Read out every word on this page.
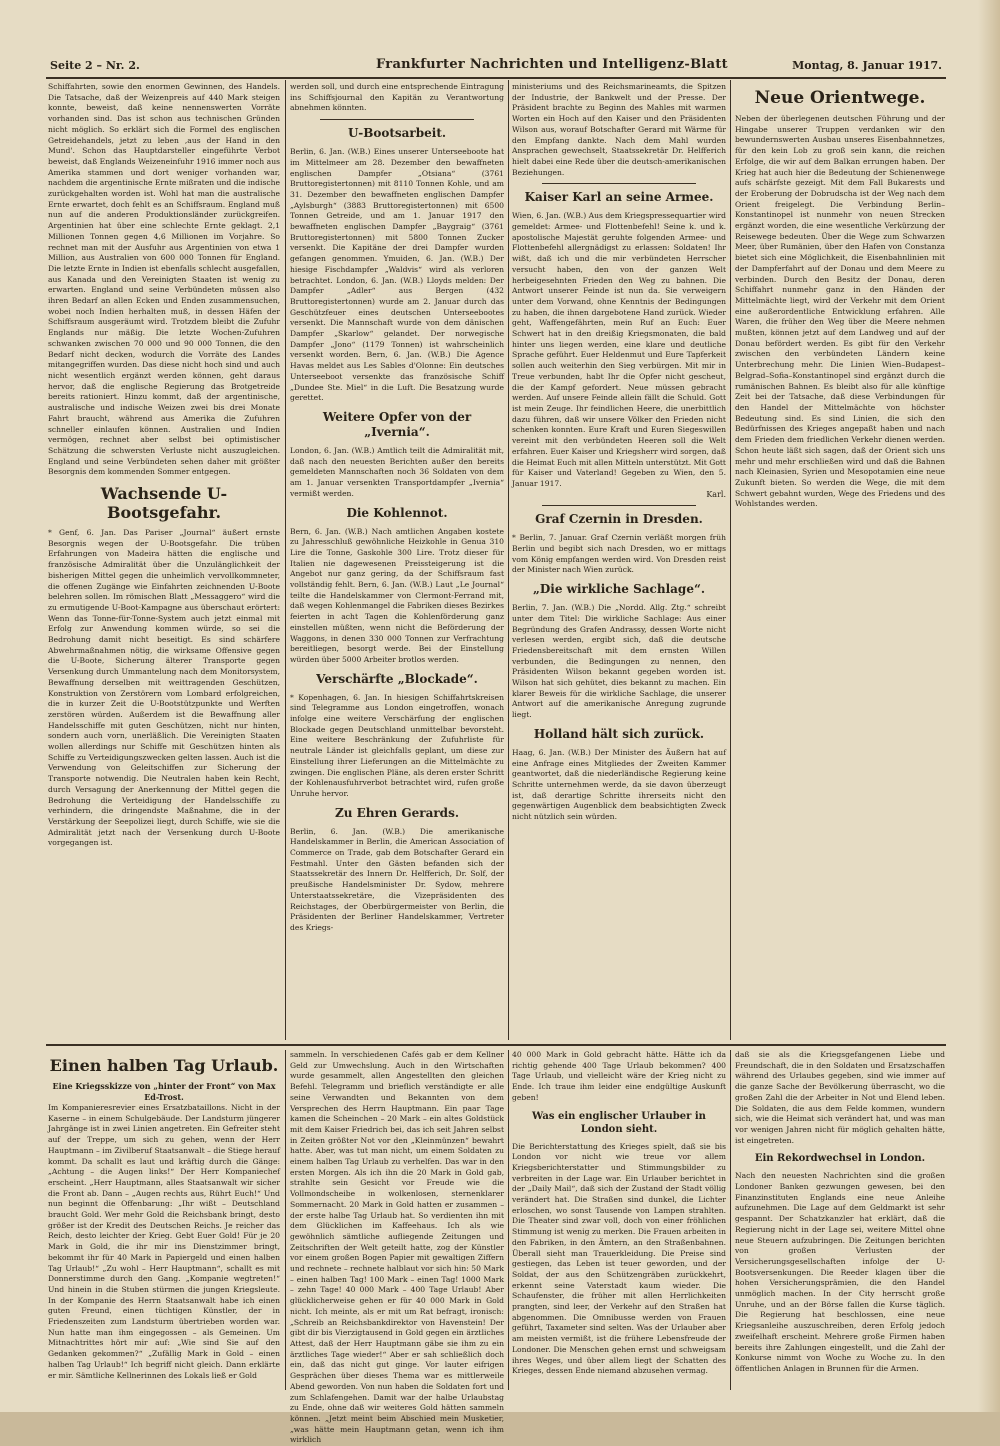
Seite 2 – Nr. 2.	Frankfurter Nachrichten und Intelligenz-Blatt	Montag, 8. Januar 1917.
Schiffahrten, sowie den enormen Gewinnen, des Handels. Die Tatsache, daß der Weizenpreis auf 440 Mark steigen konnte, beweist, daß keine nennenswerten Vorräte vorhanden sind. Das ist schon aus technischen Gründen nicht möglich. So erklärt sich die Formel des englischen Getreidehandels, jetzt zu leben ,aus der Hand in den Mund'. Schon das Hauptdarsteller eingeführte Verbot beweist, daß Englands Weizeneinfuhr 1916 immer noch aus Amerika stammen und dort weniger vorhanden war, nachdem die argentinische Ernte mißraten und die indische zurückgehalten worden ist. Wohl hat man die australische Ernte erwartet, doch fehlt es an Schiffsraum. England muß nun auf die anderen Produktionsländer zurückgreifen. Argentinien hat über eine schlechte Ernte geklagt. 2,1 Millionen Tonnen gegen 4,6 Millionen im Vorjahre. So rechnet man mit der Ausfuhr aus Argentinien von etwa 1 Million, aus Australien von 600 000 Tonnen für England. Die letzte Ernte in Indien ist ebenfalls schlecht ausgefallen, aus Kanada und den Vereinigten Staaten ist wenig zu erwarten. England und seine Verbündeten müssen also ihren Bedarf an allen Ecken und Enden zusammensuchen, wobei noch Indien herhalten muß, in dessen Häfen der Schiffsraum ausgeräumt wird. Trotzdem bleibt die Zufuhr Englands nur mäßig. Die letzte Wochen-Zufuhren schwanken zwischen 70 000 und 90 000 Tonnen, die den Bedarf nicht decken, wodurch die Vorräte des Landes mitangegriffen wurden. Das diese nicht hoch sind und auch nicht wesentlich ergänzt werden können, geht daraus hervor, daß die englische Regierung das Brotgetreide bereits rationiert. Hinzu kommt, daß der argentinische, australische und indische Weizen zwei bis drei Monate Fahrt braucht, während aus Amerika die Zufuhren schneller einlaufen können. Australien und Indien vermögen, rechnet aber selbst bei optimistischer Schätzung die schwersten Verluste nicht auszugleichen. England und seine Verbündeten sehen daher mit größter Besorgnis dem kommenden Sommer entgegen.
Wachsende U-Bootsgefahr.
* Genf, 6. Jan. Das Pariser „Journal“ äußert ernste Besorgnis wegen der U-Bootsgefahr. Die trüben Erfahrungen von Madeira hätten die englische und französische Admiralität über die Unzulänglichkeit der bisherigen Mittel gegen die unheimlich vervollkommneter, die offenen Zugänge wie Einfahrten zeichnenden U-Boote belehren sollen. Im römischen Blatt „Messaggero“ wird die zu ermutigende U-Boot-Kampagne aus überschaut erörtert: Wenn das Tonne-für-Tonne-System auch jetzt einmal mit Erfolg zur Anwendung kommen würde, so sei die Bedrohung damit nicht beseitigt. Es sind schärfere Abwehrmaßnahmen nötig, die wirksame Offensive gegen die U-Boote, Sicherung älterer Transporte gegen Versenkung durch Ummantelung nach dem Monitorsystem, Bewaffnung derselben mit weittragenden Geschützen, Konstruktion von Zerstörern vom Lombard erfolgreichen, die in kurzer Zeit die U-Bootstützpunkte und Werften zerstören würden. Außerdem ist die Bewaffnung aller Handelsschiffe mit guten Geschützen, nicht nur hinten, sondern auch vorn, unerläßlich. Die Vereinigten Staaten wollen allerdings nur Schiffe mit Geschützen hinten als Schiffe zu Verteidigungszwecken gelten lassen. Auch ist die Verwendung von Geleitschiffen zur Sicherung der Transporte notwendig. Die Neutralen haben kein Recht, durch Versagung der Anerkennung der Mittel gegen die Bedrohung die Verteidigung der Handelsschiffe zu verhindern, die dringendste Maßnahme, die in der Verstärkung der Seepolizei liegt, durch Schiffe, wie sie die Admiralität jetzt nach der Versenkung durch U-Boote vorgegangen ist.
werden soll, und durch eine entsprechende Eintragung ins Schiffsjournal den Kapitän zu Verantwortung abnehmen könnten.
U-Bootsarbeit.
Berlin, 6. Jan. (W.B.) Eines unserer Unterseeboote hat im Mittelmeer am 28. Dezember den bewaffneten englischen Dampfer „Otsiana“ (3761 Bruttoregistertonnen) mit 8110 Tonnen Kohle, und am 31. Dezember den bewaffneten englischen Dampfer „Aylsburgh“ (3883 Bruttoregistertonnen) mit 6500 Tonnen Getreide, und am 1. Januar 1917 den bewaffneten englischen Dampfer „Baygraig“ (3761 Bruttoregistertonnen) mit 5800 Tonnen Zucker versenkt. Die Kapitäne der drei Dampfer wurden gefangen genommen. Ymuiden, 6. Jan. (W.B.) Der hiesige Fischdampfer „Waldvis“ wird als verloren betrachtet. London, 6. Jan. (W.B.) Lloyds melden: Der Dampfer „Adler“ aus Bergen (432 Bruttoregistertonnen) wurde am 2. Januar durch das Geschützfeuer eines deutschen Unterseebootes versenkt. Die Mannschaft wurde von dem dänischen Dampfer „Skarlow“ gelandet. Der norwegische Dampfer „Jono“ (1179 Tonnen) ist wahrscheinlich versenkt worden. Bern, 6. Jan. (W.B.) Die Agence Havas meldet aus Les Sables d'Olonne: Ein deutsches Unterseeboot versenkte das französische Schiff „Dundee Ste. Miel“ in die Luft. Die Besatzung wurde gerettet.
Weitere Opfer von der „Ivernia“.
London, 6. Jan. (W.B.) Amtlich teilt die Admiralität mit, daß nach den neuesten Berichten außer den bereits gemeldeten Mannschaften noch 36 Soldaten von dem am 1. Januar versenkten Transportdampfer „Ivernia“ vermißt werden.
Die Kohlennot.
Bern, 6. Jan. (W.B.) Nach amtlichen Angaben kostete zu Jahresschluß gewöhnliche Heizkohle in Genua 310 Lire die Tonne, Gaskohle 300 Lire. Trotz dieser für Italien nie dagewesenen Preissteigerung ist die Angebot nur ganz gering, da der Schiffsraum fast vollständig fehlt. Bern, 6. Jan. (W.B.) Laut „Le Journal“ teilte die Handelskammer von Clermont-Ferrand mit, daß wegen Kohlenmangel die Fabriken dieses Bezirkes feierten in acht Tagen die Kohlenförderung ganz einstellen müßten, wenn nicht die Beförderung der Waggons, in denen 330 000 Tonnen zur Verfrachtung bereitliegen, besorgt werde. Bei der Einstellung würden über 5000 Arbeiter brotlos werden.
Verschärfte „Blockade“.
* Kopenhagen, 6. Jan. In hiesigen Schiffahrtskreisen sind Telegramme aus London eingetroffen, wonach infolge eine weitere Verschärfung der englischen Blockade gegen Deutschland unmittelbar bevorsteht. Eine weitere Beschränkung der Zufuhrliste für neutrale Länder ist gleichfalls geplant, um diese zur Einstellung ihrer Lieferungen an die Mittelmächte zu zwingen. Die englischen Pläne, als deren erster Schritt der Kohlenausfuhrverbot betrachtet wird, rufen große Unruhe hervor.
Zu Ehren Gerards.
Berlin, 6. Jan. (W.B.) Die amerikanische Handelskammer in Berlin, die American Association of Commerce on Trade, gab dem Botschafter Gerard ein Festmahl. Unter den Gästen befanden sich der Staatssekretär des Innern Dr. Helfferich, Dr. Solf, der preußische Handelsminister Dr. Sydow, mehrere Unterstaatssekretäre, die Vizepräsidenten des Reichstages, der Oberbürgermeister von Berlin, die Präsidenten der Berliner Handelskammer, Vertreter des Kriegs-
ministeriums und des Reichsmarineamts, die Spitzen der Industrie, der Bankwelt und der Presse. Der Präsident brachte zu Beginn des Mahles mit warmen Worten ein Hoch auf den Kaiser und den Präsidenten Wilson aus, worauf Botschafter Gerard mit Wärme für den Empfang dankte. Nach dem Mahl wurden Ansprachen gewechselt, Staatssekretär Dr. Helfferich hielt dabei eine Rede über die deutsch-amerikanischen Beziehungen.
Kaiser Karl an seine Armee.
Wien, 6. Jan. (W.B.) Aus dem Kriegspressequartier wird gemeldet: Armee- und Flottenbefehl! Seine k. und k. apostolische Majestät geruhte folgenden Armee- und Flottenbefehl allergnädigst zu erlassen: Soldaten! Ihr wißt, daß ich und die mir verbündeten Herrscher versucht haben, den von der ganzen Welt herbeigesehnten Frieden den Weg zu bahnen. Die Antwort unserer Feinde ist nun da. Sie verweigern unter dem Vorwand, ohne Kenntnis der Bedingungen zu haben, die ihnen dargebotene Hand zurück. Wieder geht, Waffengefährten, mein Ruf an Euch: Euer Schwert hat in den dreißig Kriegsmonaten, die bald hinter uns liegen werden, eine klare und deutliche Sprache geführt. Euer Heldenmut und Eure Tapferkeit sollen auch weiterhin den Sieg verbürgen. Mit mir in Treue verbunden, habt Ihr die Opfer nicht gescheut, die der Kampf gefordert. Neue müssen gebracht werden. Auf unsere Feinde allein fällt die Schuld. Gott ist mein Zeuge. Ihr feindlichen Heere, die unerbittlich dazu führen, daß wir unsere Völker den Frieden nicht schenken konnten. Eure Kraft und Euren Siegeswillen vereint mit den verbündeten Heeren soll die Welt erfahren. Euer Kaiser und Kriegsherr wird sorgen, daß die Heimat Euch mit allen Mitteln unterstützt. Mit Gott für Kaiser und Vaterland! Gegeben zu Wien, den 5. Januar 1917.
Karl.
Graf Czernin in Dresden.
* Berlin, 7. Januar. Graf Czernin verläßt morgen früh Berlin und begibt sich nach Dresden, wo er mittags vom König empfangen werden wird. Von Dresden reist der Minister nach Wien zurück.
„Die wirkliche Sachlage“.
Berlin, 7. Jan. (W.B.) Die „Nordd. Allg. Ztg.“ schreibt unter dem Titel: Die wirkliche Sachlage: Aus einer Begründung des Grafen Andrassy, dessen Worte nicht verlesen werden, ergibt sich, daß die deutsche Friedensbereitschaft mit dem ernsten Willen verbunden, die Bedingungen zu nennen, den Präsidenten Wilson bekannt gegeben worden ist. Wilson hat sich gehütet, dies bekannt zu machen. Ein klarer Beweis für die wirkliche Sachlage, die unserer Antwort auf die amerikanische Anregung zugrunde liegt.
Holland hält sich zurück.
Haag, 6. Jan. (W.B.) Der Minister des Äußern hat auf eine Anfrage eines Mitgliedes der Zweiten Kammer geantwortet, daß die niederländische Regierung keine Schritte unternehmen werde, da sie davon überzeugt ist, daß derartige Schritte ihrerseits nicht den gegenwärtigen Augenblick dem beabsichtigten Zweck nicht nützlich sein würden.
Neue Orientwege.
Neben der überlegenen deutschen Führung und der Hingabe unserer Truppen verdanken wir den bewundernswerten Ausbau unseres Eisenbahnnetzes, für den kein Lob zu groß sein kann, die reichen Erfolge, die wir auf dem Balkan errungen haben. Der Krieg hat auch hier die Bedeutung der Schienenwege aufs schärfste gezeigt. Mit dem Fall Bukarests und der Eroberung der Dobrudscha ist der Weg nach dem Orient freigelegt. Die Verbindung Berlin–Konstantinopel ist nunmehr von neuen Strecken ergänzt worden, die eine wesentliche Verkürzung der Reisewege bedeuten. Über die Wege zum Schwarzen Meer, über Rumänien, über den Hafen von Constanza bietet sich eine Möglichkeit, die Eisenbahnlinien mit der Dampferfahrt auf der Donau und dem Meere zu verbinden. Durch den Besitz der Donau, deren Schiffahrt nunmehr ganz in den Händen der Mittelmächte liegt, wird der Verkehr mit dem Orient eine außerordentliche Entwicklung erfahren. Alle Waren, die früher den Weg über die Meere nehmen mußten, können jetzt auf dem Landweg und auf der Donau befördert werden. Es gibt für den Verkehr zwischen den verbündeten Ländern keine Unterbrechung mehr. Die Linien Wien–Budapest–Belgrad–Sofia–Konstantinopel sind ergänzt durch die rumänischen Bahnen. Es bleibt also für alle künftige Zeit bei der Tatsache, daß diese Verbindungen für den Handel der Mittelmächte von höchster Bedeutung sind. Es sind Linien, die sich den Bedürfnissen des Krieges angepaßt haben und nach dem Frieden dem friedlichen Verkehr dienen werden. Schon heute läßt sich sagen, daß der Orient sich uns mehr und mehr erschließen wird und daß die Bahnen nach Kleinasien, Syrien und Mesopotamien eine neue Zukunft bieten. So werden die Wege, die mit dem Schwert gebahnt wurden, Wege des Friedens und des Wohlstandes werden.
Einen halben Tag Urlaub.
Eine Kriegsskizze von „hinter der Front“ von Max Ed-Trost.
Im Kompanieresrevier eines Ersatzbataillons. Nicht in der Kaserne – in einem Schulgebäude. Der Landsturm jüngerer Jahrgänge ist in zwei Linien angetreten. Ein Gefreiter steht auf der Treppe, um sich zu gehen, wenn der Herr Hauptmann – im Zivilberuf Staatsanwalt – die Stiege herauf kommt. Da schallt es laut und kräftig durch die Gänge: „Achtung – die Augen links!“ Der Herr Kompaniechef erscheint. „Herr Hauptmann, alles Staatsanwalt wir sicher die Front ab. Dann – „Augen rechts aus, Rührt Euch!“ Und nun beginnt die Offenbarung: „Ihr wißt – Deutschland braucht Gold. Wer mehr Gold die Reichsbank bringt, desto größer ist der Kredit des Deutschen Reichs. Je reicher das Reich, desto leichter der Krieg. Gebt Euer Gold! Für je 20 Mark in Gold, die ihr mir ins Dienstzimmer bringt, bekommt ihr für 40 Mark in Papiergeld und einen halben Tag Urlaub!“ „Zu wohl – Herr Hauptmann“, schallt es mit Donnerstimme durch den Gang. „Kompanie wegtreten!“ Und hinein in die Stuben stürmen die jungen Kriegsleute. In der Kompanie des Herrn Staatsanwalt habe ich einen guten Freund, einen tüchtigen Künstler, der in Friedenszeiten zum Landsturm übertrieben worden war. Nun hatte man ihm eingegossen – als Gemeinen. Um Mitnachtrittes hört mir auf: „Wie sind Sie auf den Gedanken gekommen?“ „Zufällig Mark in Gold – einen halben Tag Urlaub!“ Ich begriff nicht gleich. Dann erklärte er mir. Sämtliche Kellnerinnen des Lokals ließ er Gold
sammeln. In verschiedenen Cafés gab er dem Kellner Geld zur Umwechslung. Auch in den Wirtschaften wurde gesammelt, allen Angestellten den gleichen Befehl. Telegramm und brieflich verständigte er alle seine Verwandten und Bekannten von dem Versprechen des Herrn Hauptmann. Ein paar Tage kamen die Scheinchen – 20 Mark – ein altes Goldstück mit dem Kaiser Friedrich bei, das ich seit Jahren selbst in Zeiten größter Not vor den „Kleinmünzen“ bewahrt hatte. Aber, was tut man nicht, um einem Soldaten zu einem halben Tag Urlaub zu verhelfen. Das war in den ersten Morgen. Als ich ihn die 20 Mark in Gold gab, strahlte sein Gesicht vor Freude wie die Vollmondscheibe in wolkenlosen, sternenklarer Sommernacht. 20 Mark in Gold hatten er zusammen – der erste halbe Tag Urlaub hat. So verdienten ihn mit dem Glücklichen im Kaffeehaus. Ich als wie gewöhnlich sämtliche aufliegende Zeitungen und Zeitschriften der Welt geteilt hatte, zog der Künstler vor einem großen Bogen Papier mit gewaltigen Ziffern und rechnete – rechnete halblaut vor sich hin: 50 Mark – einen halben Tag! 100 Mark – einen Tag! 1000 Mark – zehn Tage! 40 000 Mark – 400 Tage Urlaub! Aber glücklicherweise gehen er für 40 000 Mark in Gold nicht. Ich meinte, als er mit um Rat befragt, ironisch: „Schreib an Reichsbankdirektor von Havenstein! Der gibt dir bis Vierzigtausend in Gold gegen ein ärztliches Attest, daß der Herr Hauptmann gäbe sie ihm zu ein ärztliches Tage wieder!“ Aber er sah schließlich doch ein, daß das nicht gut ginge. Vor lauter eifrigen Gesprächen über dieses Thema war es mittlerweile Abend geworden. Von nun haben die Soldaten fort und zum Schlafengehen. Damit war der halbe Urlaubstag zu Ende, ohne daß wir weiteres Gold hätten sammeln können. „Jetzt meint beim Abschied mein Musketier, „was hätte mein Hauptmann getan, wenn ich ihm wirklich
40 000 Mark in Gold gebracht hätte. Hätte ich da richtig gehende 400 Tage Urlaub bekommen? 400 Tage Urlaub, und vielleicht wäre der Krieg nicht zu Ende. Ich traue ihm leider eine endgültige Auskunft geben!
Was ein englischer Urlauber in London sieht.
Die Berichterstattung des Krieges spielt, daß sie bis London vor nicht wie treue vor allem Kriegsberichterstatter und Stimmungsbilder zu verbreiten in der Lage war. Ein Urlauber berichtet in der „Daily Mail“, daß sich der Zustand der Stadt völlig verändert hat. Die Straßen sind dunkel, die Lichter erloschen, wo sonst Tausende von Lampen strahlten. Die Theater sind zwar voll, doch von einer fröhlichen Stimmung ist wenig zu merken. Die Frauen arbeiten in den Fabriken, in den Ämtern, an den Straßenbahnen. Überall sieht man Trauerkleidung. Die Preise sind gestiegen, das Leben ist teuer geworden, und der Soldat, der aus den Schützengräben zurückkehrt, erkennt seine Vaterstadt kaum wieder. Die Schaufenster, die früher mit allen Herrlichkeiten prangten, sind leer, der Verkehr auf den Straßen hat abgenommen. Die Omnibusse werden von Frauen geführt, Taxameter sind selten. Was der Urlauber aber am meisten vermißt, ist die frühere Lebensfreude der Londoner. Die Menschen gehen ernst und schweigsam ihres Weges, und über allem liegt der Schatten des Krieges, dessen Ende niemand abzusehen vermag.
daß sie als die Kriegsgefangenen Liebe und Freundschaft, die in den Soldaten und Ersatzschaffen während des Urlaubes gegeben, sind wie immer auf die ganze Sache der Bevölkerung überrascht, wo die großen Zahl die der Arbeiter in Not und Elend leben. Die Soldaten, die aus dem Felde kommen, wundern sich, wie die Heimat sich verändert hat, und was man vor wenigen Jahren nicht für möglich gehalten hätte, ist eingetreten.
Ein Rekordwechsel in London.
Nach den neuesten Nachrichten sind die großen Londoner Banken gezwungen gewesen, bei den Finanzinstituten Englands eine neue Anleihe aufzunehmen. Die Lage auf dem Geldmarkt ist sehr gespannt. Der Schatzkanzler hat erklärt, daß die Regierung nicht in der Lage sei, weitere Mittel ohne neue Steuern aufzubringen. Die Zeitungen berichten von großen Verlusten der Versicherungsgesellschaften infolge der U-Bootsversenkungen. Die Reeder klagen über die hohen Versicherungsprämien, die den Handel unmöglich machen. In der City herrscht große Unruhe, und an der Börse fallen die Kurse täglich. Die Regierung hat beschlossen, eine neue Kriegsanleihe auszuschreiben, deren Erfolg jedoch zweifelhaft erscheint. Mehrere große Firmen haben bereits ihre Zahlungen eingestellt, und die Zahl der Konkurse nimmt von Woche zu Woche zu. In den öffentlichen Anlagen in Brunnen für die Armen.
